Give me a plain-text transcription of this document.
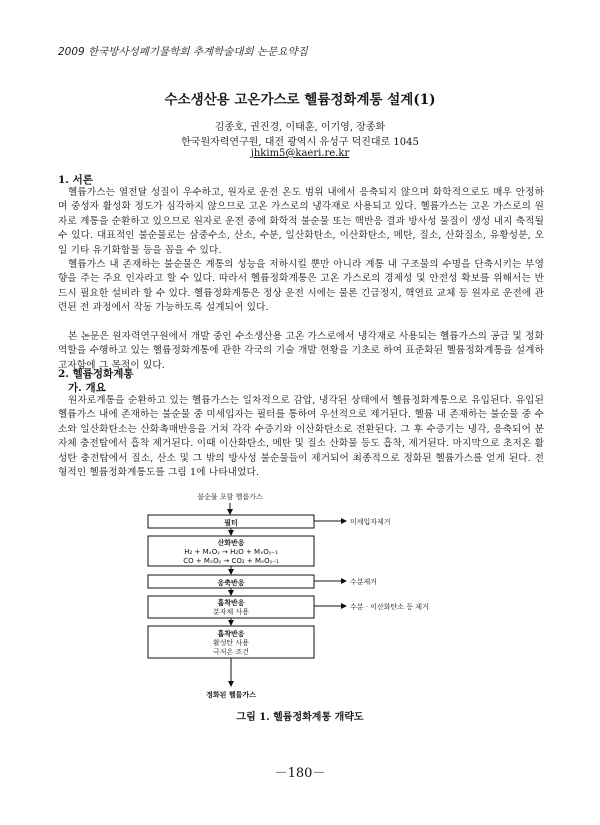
2009 한국방사성폐기물학회 추계학술대회 논문요약집
수소생산용 고온가스로 헬륨정화계통 설계(1)
김종호, 권진경, 이태훈, 이기영, 장종화
한국원자력연구원, 대전 광역시 유성구 덕진대로 1045
jhkim5@kaeri.re.kr
1. 서론

헬륨가스는 열전달 성질이 우수하고, 원자로 운전 온도 범위 내에서 응축되지 않으며 화학적으로도 매우 안정하며 중성자 활성화 정도가 심각하지 않으므로 고온 가스로의 냉각재로 사용되고 있다. 헬륨가스는 고온 가스로의 원자로 계통을 순환하고 있으므로 원자로 운전 중에 화학적 불순물 또는 핵반응 결과 방사성 물질이 생성 내지 축적될 수 있다. 대표적인 불순물로는 삼중수소, 산소, 수분, 일산화탄소, 이산화탄소, 메탄, 질소, 산화질소, 유황성분, 오일 기타 유기화합물 등을 꼽을 수 있다.

헬륨가스 내 존재하는 불순물은 계통의 성능을 저하시킬 뿐만 아니라 계통 내 구조물의 수명을 단축시키는 부영향을 주는 주요 인자라고 할 수 있다. 따라서 헬륨정화계통은 고온 가스로의 경제성 및 안전성 확보를 위해서는 반드시 필요한 설비라 할 수 있다. 헬륨정화계통은 정상 운전 시에는 물론 긴급정지, 핵연료 교체 등 원자로 운전에 관련된 전 과정에서 작동 가능하도록 설계되어 있다.

본 논문은 원자력연구원에서 개발 중인 수소생산용 고온 가스로에서 냉각재로 사용되는 헬륨가스의 공급 및 정화 역할을 수행하고 있는 헬륨정화계통에 관한 각국의 기술 개발 현황을 기초로 하여 표준화된 헬륨정화계통을 설계하고자함에 그 목적이 있다.

2. 헬륨정화계통
가. 개요

원자로계통을 순환하고 있는 헬륨가스는 일차적으로 감압, 냉각된 상태에서 헬륨정화계통으로 유입된다. 유입된 헬륨가스 내에 존재하는 불순물 중 미세입자는 필터를 통하여 우선적으로 제거된다. 헬륨 내 존재하는 불순물 중 수소와 일산화탄소는 산화촉매반응을 거쳐 각각 수증기와 이산화탄소로 전환된다. 그 후 수증기는 냉각, 응축되어 분자체 충전탑에서 흡착 제거된다. 이때 이산화탄소, 메탄 및 질소 산화물 등도 흡착, 제거된다. 마지막으로 초저온 활성탄 충전탑에서 질소, 산소 및 그 밖의 방사성 불순물들이 제거되어 최종적으로 정화된 헬륨가스를 얻게 된다. 전형적인 헬륨정화계통도를 그림 1에 나타내었다.

불순물 포함 헬륨가스
필터
산화반응
H₂ + MₓOᵧ → H₂O + MₓOᵧ₋₁
CO + MₓOᵧ → CO₂ + MₓOᵧ₋₁
응축반응
흡착반응
분자체 사용
흡착반응
활성탄 사용
극저온 조건
정화된 헬륨가스
미세입자제거
수분제거
수분 · 이산화탄소 등 제거
그림 1. 헬륨정화계통 개략도
－180－
